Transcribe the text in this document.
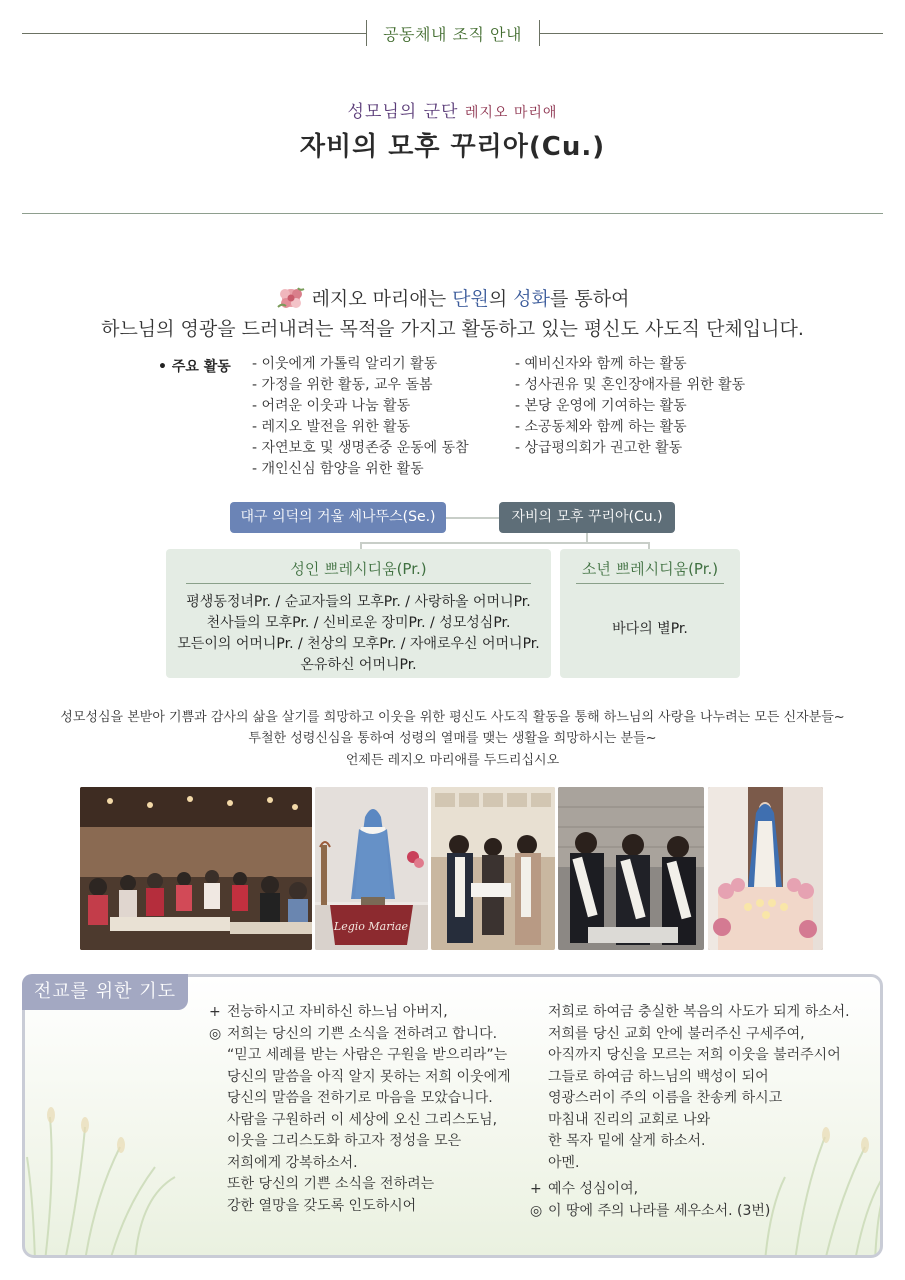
공동체내 조직 안내
성모님의 군단 레지오 마리애
자비의 모후 꾸리아(Cu.)
레지오 마리애는 단원의 성화를 통하여
하느님의 영광을 드러내려는 목적을 가지고 활동하고 있는 평신도 사도직 단체입니다.
• 주요 활동 - 이웃에게 가톨릭 알리기 활동
- 가정을 위한 활동, 교우 돌봄
- 어려운 이웃과 나눔 활동
- 레지오 발전을 위한 활동
- 자연보호 및 생명존중 운동에 동참
- 개인신심 함양을 위한 활동
- 예비신자와 함께 하는 활동
- 성사권유 및 혼인장애자를 위한 활동
- 본당 운영에 기여하는 활동
- 소공동체와 함께 하는 활동
- 상급평의회가 권고한 활동
대구 의덕의 거울 세나뚜스(Se.)	자비의 모후 꾸리아(Cu.)
성인 쁘레시디움(Pr.)

평생동정녀Pr. / 순교자들의 모후Pr. / 사랑하올 어머니Pr.

천사들의 모후Pr. / 신비로운 장미Pr. / 성모성심Pr.

모든이의 어머니Pr. / 천상의 모후Pr. / 자애로우신 어머니Pr.

온유하신 어머니Pr.

소년 쁘레시디움(Pr.)

바다의 별Pr.

성모성심을 본받아 기쁨과 감사의 삶을 살기를 희망하고 이웃을 위한 평신도 사도직 활동을 통해 하느님의 사랑을 나누려는 모든 신자분들~
투철한 성령신심을 통하여 성령의 열매를 맺는 생활을 희망하시는 분들~
언제든 레지오 마리애를 두드리십시오
Legio Mariae
전교를 위한 기도

+ 전능하시고 자비하신 하느님 아버지,

◎ 저희는 당신의 기쁜 소식을 전하려고 합니다.

“믿고 세례를 받는 사람은 구원을 받으리라”는

당신의 말씀을 아직 알지 못하는 저희 이웃에게

당신의 말씀을 전하기로 마음을 모았습니다.

사람을 구원하러 이 세상에 오신 그리스도님,

이웃을 그리스도화 하고자 정성을 모은

저희에게 강복하소서.

또한 당신의 기쁜 소식을 전하려는

강한 열망을 갖도록 인도하시어

저희로 하여금 충실한 복음의 사도가 되게 하소서.

저희를 당신 교회 안에 불러주신 구세주여,

아직까지 당신을 모르는 저희 이웃을 불러주시어

그들로 하여금 하느님의 백성이 되어

영광스러이 주의 이름을 찬송케 하시고

마침내 진리의 교회로 나와

한 목자 밑에 살게 하소서.

아멘.

+ 예수 성심이여,

◎ 이 땅에 주의 나라를 세우소서. (3번)
